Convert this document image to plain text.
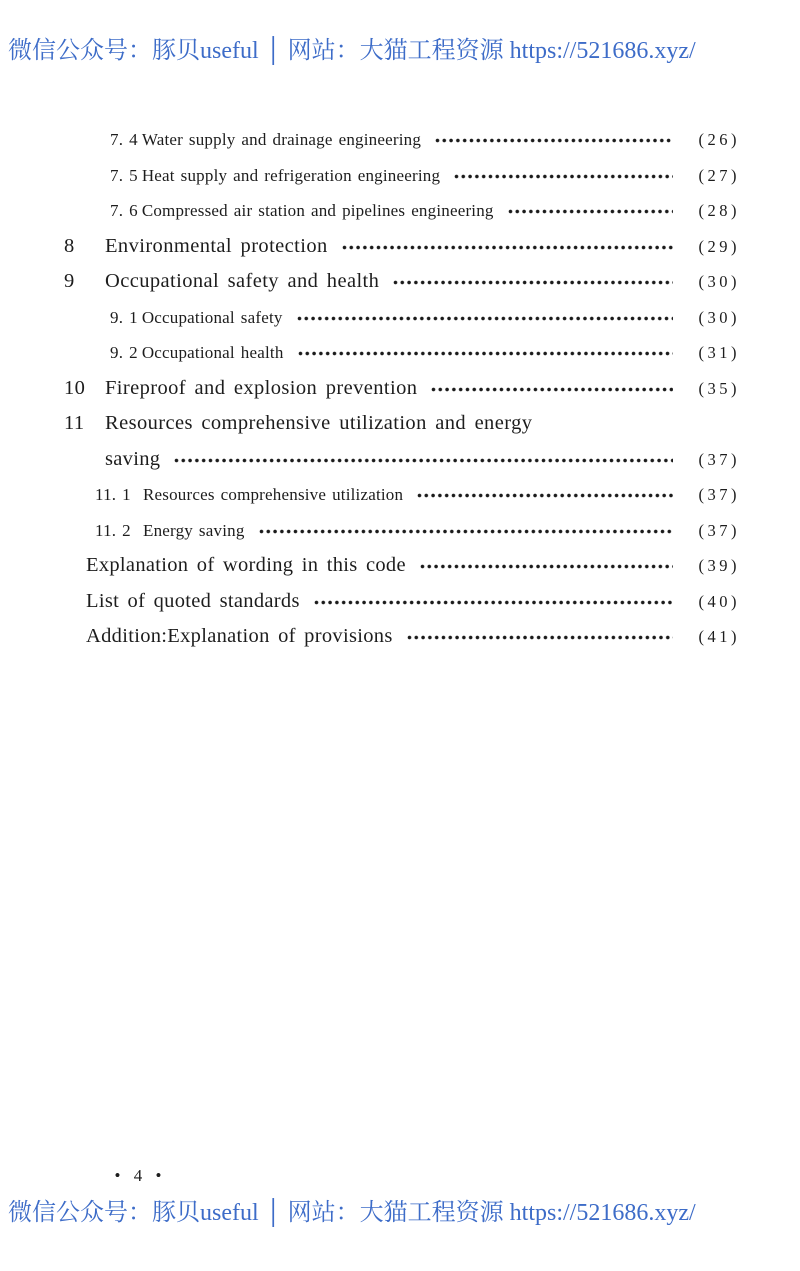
微信公众号：豚贝useful │ 网站：大猫工程资源 https://521686.xyz/
7. 4 Water supply and drainage engineering	(26)
7. 5 Heat supply and refrigeration engineering	(27)
7. 6 Compressed air station and pipelines engineering	(28)
8	Environmental protection	(29)
9	Occupational safety and health	(30)
9. 1 Occupational safety	(30)
9. 2 Occupational health	(31)
10 Fireproof and explosion prevention	(35)
11 Resources comprehensive utilization and energy
saving	(37)
11. 1 Resources comprehensive utilization	(37)
11. 2 Energy saving	(37)
Explanation of wording in this code	(39)
List of quoted standards	(40)
Addition:Explanation of provisions	(41)
• 4 •
微信公众号：豚贝useful │ 网站：大猫工程资源 https://521686.xyz/
